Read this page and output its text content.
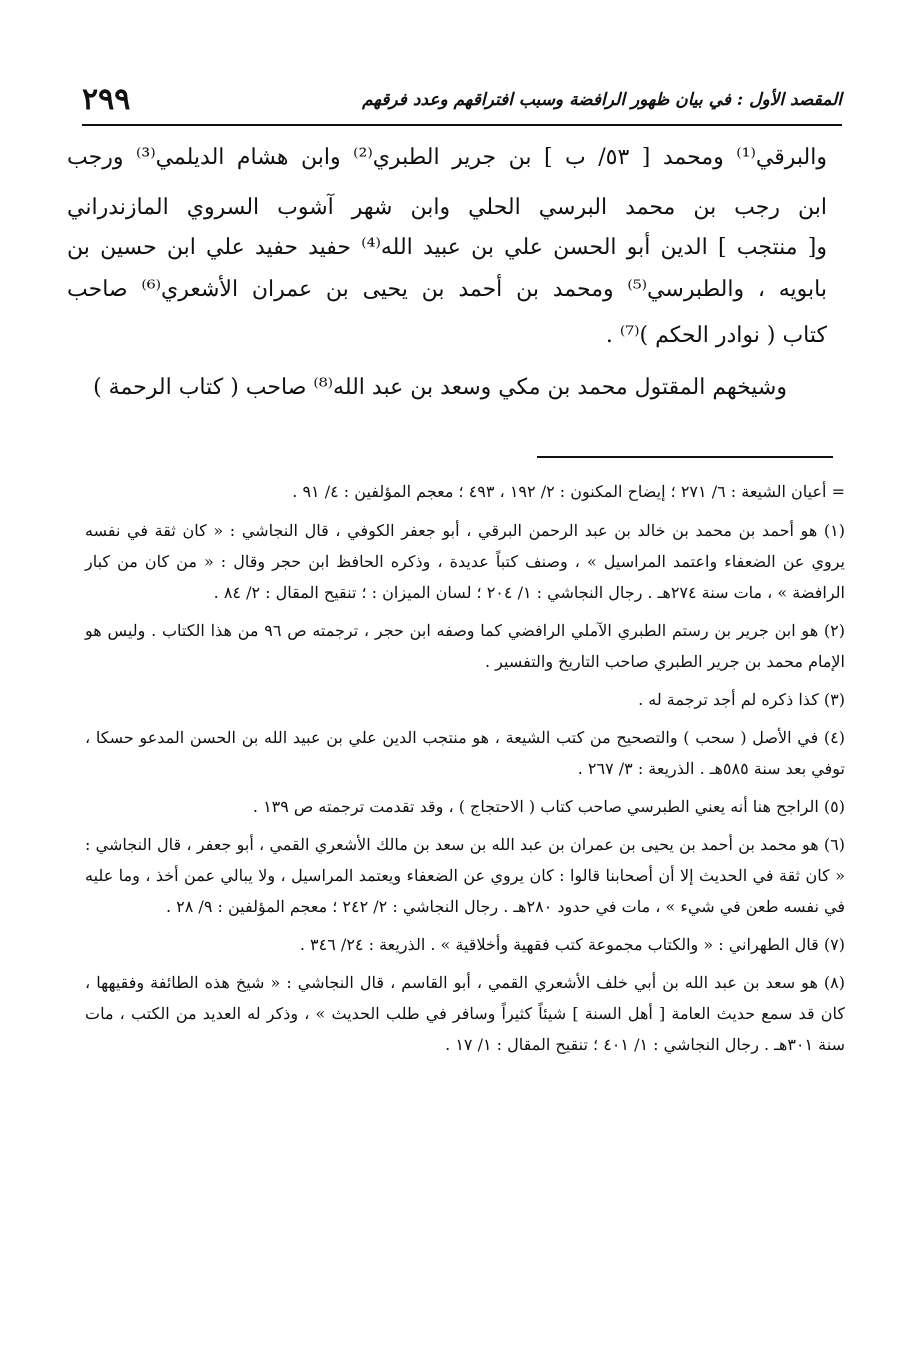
٢٩٩	المقصد الأول : في بيان ظهور الرافضة وسبب افتراقهم وعدد فرقهم
والبرقي⁽¹⁾ ومحمد [ ٥٣/ ب ] بن جرير الطبري⁽²⁾ وابن هشام الديلمي⁽³⁾ ورجب
ابن رجب بن محمد البرسي الحلي وابن شهر آشوب السروي المازندراني
و[ منتجب ] الدين أبو الحسن علي بن عبيد الله⁽⁴⁾ حفيد حفيد علي ابن حسين بن
بابويه ، والطبرسي⁽⁵⁾ ومحمد بن أحمد بن يحيى بن عمران الأشعري⁽⁶⁾ صاحب
كتاب ( نوادر الحكم )⁽⁷⁾ .
وشيخهم المقتول محمد بن مكي وسعد بن عبد الله⁽⁸⁾ صاحب ( كتاب الرحمة )
= أعيان الشيعة : ٦/ ٢٧١ ؛ إيضاح المكنون : ٢/ ١٩٢ ، ٤٩٣ ؛ معجم المؤلفين : ٤/ ٩١ .
(١) هو أحمد بن محمد بن خالد بن عبد الرحمن البرقي ، أبو جعفر الكوفي ، قال النجاشي : « كان ثقة في نفسه يروي عن الضعفاء واعتمد المراسيل » ، وصنف كتباً عديدة ، وذكره الحافظ ابن حجر وقال : « من كان من كبار الرافضة » ، مات سنة ٢٧٤هـ . رجال النجاشي : ١/ ٢٠٤ ؛ لسان الميزان : ؛ تنقيح المقال : ٢/ ٨٤ .
(٢) هو ابن جرير بن رستم الطبري الآملي الرافضي كما وصفه ابن حجر ، ترجمته ص ٩٦ من هذا الكتاب . وليس هو الإمام محمد بن جرير الطبري صاحب التاريخ والتفسير .
(٣) كذا ذكره لم أجد ترجمة له .
(٤) في الأصل ( سحب ) والتصحيح من كتب الشيعة ، هو منتجب الدين علي بن عبيد الله بن الحسن المدعو حسكا ، توفي بعد سنة ٥٨٥هـ . الذريعة : ٣/ ٢٦٧ .
(٥) الراجح هنا أنه يعني الطبرسي صاحب كتاب ( الاحتجاج ) ، وقد تقدمت ترجمته ص ١٣٩ .
(٦) هو محمد بن أحمد بن يحيى بن عمران بن عبد الله بن سعد بن مالك الأشعري القمي ، أبو جعفر ، قال النجاشي : « كان ثقة في الحديث إلا أن أصحابنا قالوا : كان يروي عن الضعفاء ويعتمد المراسيل ، ولا يبالي عمن أخذ ، وما عليه في نفسه طعن في شيء » ، مات في حدود ٢٨٠هـ . رجال النجاشي : ٢/ ٢٤٢ ؛ معجم المؤلفين : ٩/ ٢٨ .
(٧) قال الطهراني : « والكتاب مجموعة كتب فقهية وأخلاقية » . الذريعة : ٢٤/ ٣٤٦ .
(٨) هو سعد بن عبد الله بن أبي خلف الأشعري القمي ، أبو القاسم ، قال النجاشي : « شيخ هذه الطائفة وفقيهها ، كان قد سمع حديث العامة [ أهل السنة ] شيئاً كثيراً وسافر في طلب الحديث » ، وذكر له العديد من الكتب ، مات سنة ٣٠١هـ . رجال النجاشي : ١/ ٤٠١ ؛ تنقيح المقال : ١/ ١٧ .
